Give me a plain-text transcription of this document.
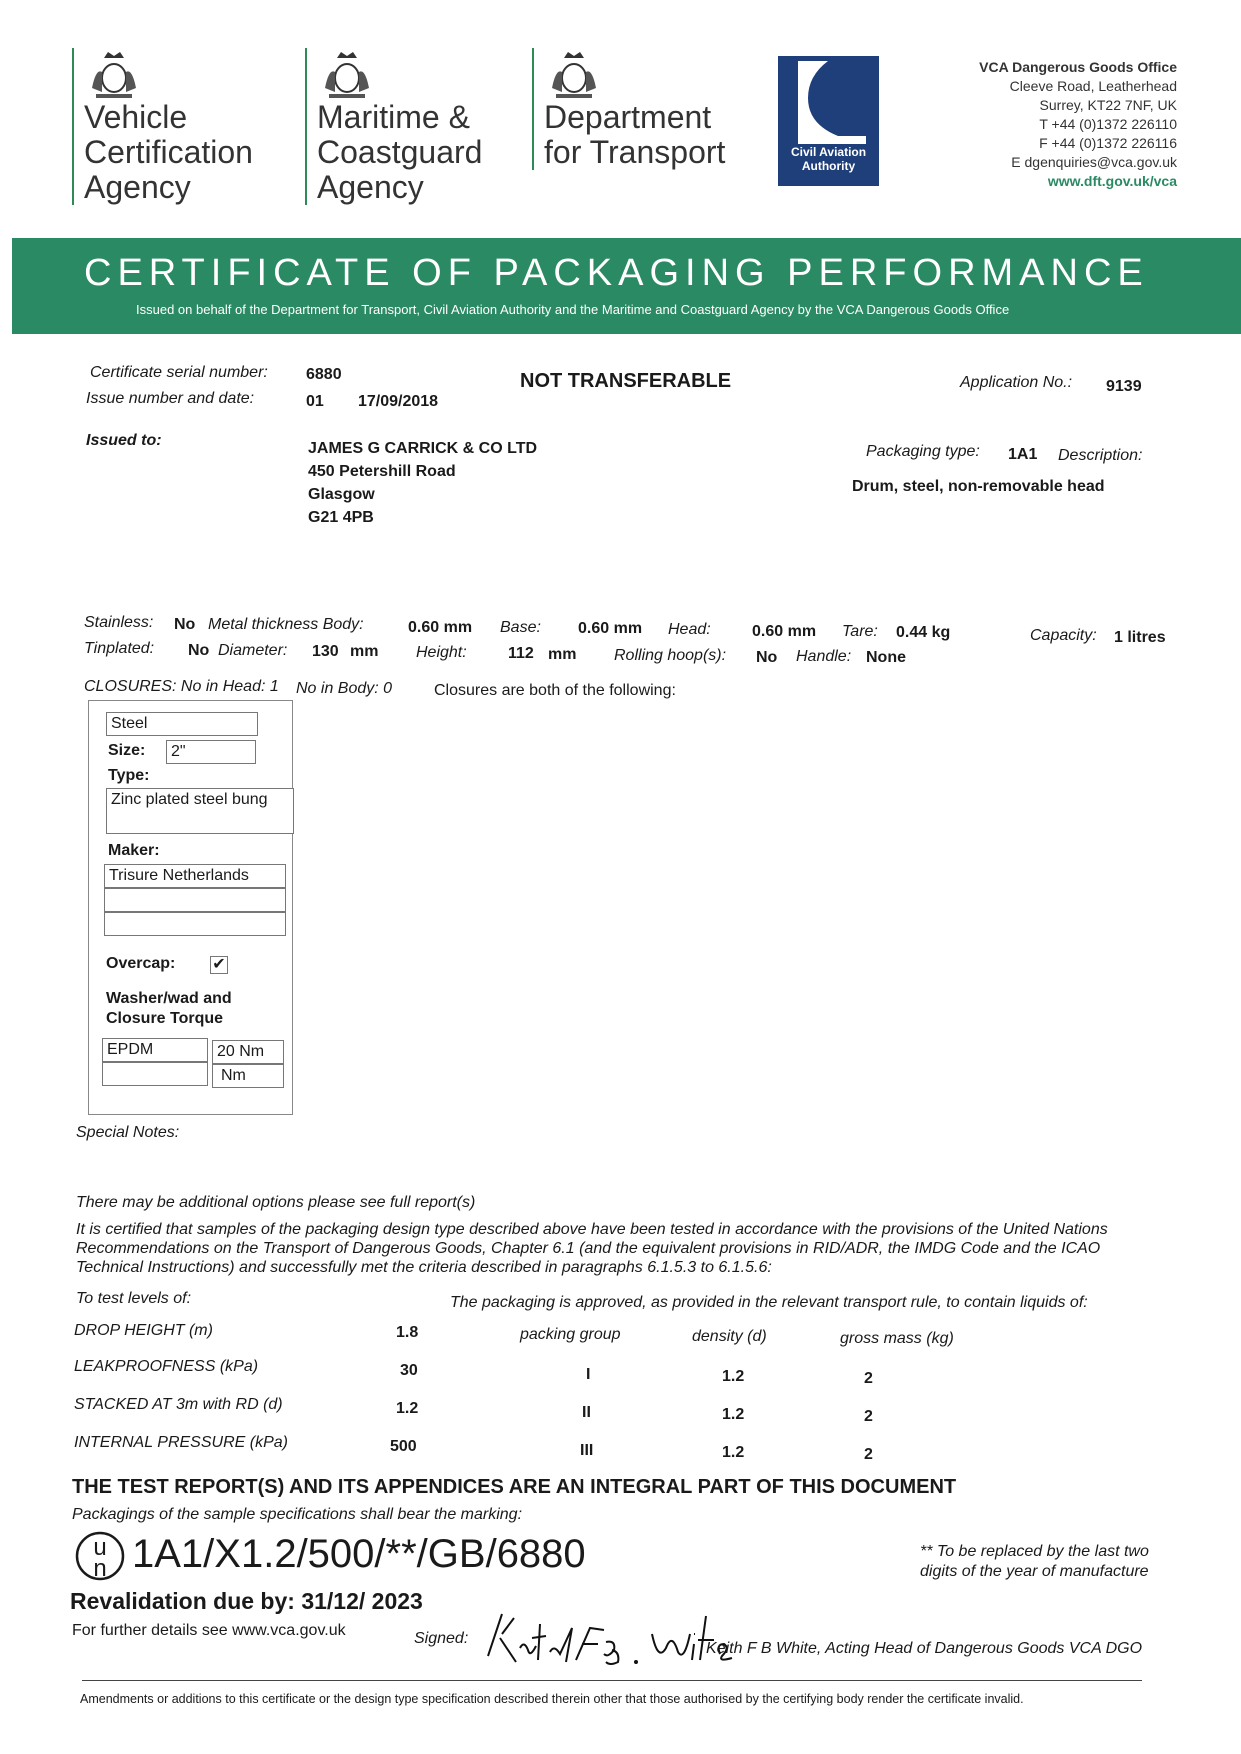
Vehicle
Certification
Agency
Maritime &
Coastguard
Agency
Department
for Transport	Civil Aviation
Authority
VCA Dangerous Goods Office
Cleeve Road, Leatherhead
Surrey, KT22 7NF, UK
T +44 (0)1372 226110
F +44 (0)1372 226116
E dgenquiries@vca.gov.uk
www.dft.gov.uk/vca
CERTIFICATE OF PACKAGING PERFORMANCE
Issued on behalf of the Department for Transport, Civil Aviation Authority and the Maritime and Coastguard Agency by the VCA Dangerous Goods Office
Certificate serial number: 6880
Issue number and date:	01 17/09/2018
NOT TRANSFERABLE	Application No.: 9139
Issued to:	JAMES G CARRICK & CO LTD
450 Petershill Road
Glasgow
G21 4PB
Packaging type: 1A1 Description:
Drum, steel, non-removable head
Stainless: No Metal thickness Body:	0.60 mm Base: 0.60 mm Head:	0.60 mm Tare: 0.44 kg	Capacity: 1 litres
Tinplated: No Diameter: 130 mm Height:	112 mm Rolling hoop(s): No Handle: None
CLOSURES: No in Head: 1 No in Body: 0	Closures are both of the following:
Steel
Size:	2"
Type:
Zinc plated steel bung
Maker:
Trisure Netherlands
Overcap: ✔
Washer/wad and
Closure Torque
EPDM	20 Nm
Nm
Special Notes:
There may be additional options please see full report(s)
It is certified that samples of the packaging design type described above have been tested in accordance with the provisions of the United Nations Recommendations on the Transport of Dangerous Goods, Chapter 6.1 (and the equivalent provisions in RID/ADR, the IMDG Code and the ICAO Technical Instructions) and successfully met the criteria described in paragraphs 6.1.5.3 to 6.1.5.6:
To test levels of:	The packaging is approved, as provided in the relevant transport rule, to contain liquids of:
DROP HEIGHT (m)	1.8
LEAKPROOFNESS (kPa)	30
STACKED AT 3m with RD (d)	1.2
INTERNAL PRESSURE (kPa)	500
packing group	density (d)	gross mass (kg)
I	1.2	2
II	1.2	2
III	1.2	2
THE TEST REPORT(S) AND ITS APPENDICES ARE AN INTEGRAL PART OF THIS DOCUMENT
Packagings of the sample specifications shall bear the marking:
u
n 1A1/X1.2/500/**/GB/6880	** To be replaced by the last two digits of the year of manufacture
Revalidation due by: 31/12/ 2023
For further details see www.vca.gov.uk	Signed:
Keith F B White, Acting Head of Dangerous Goods VCA DGO
Amendments or additions to this certificate or the design type specification described therein other that those authorised by the certifying body render the certificate invalid.
